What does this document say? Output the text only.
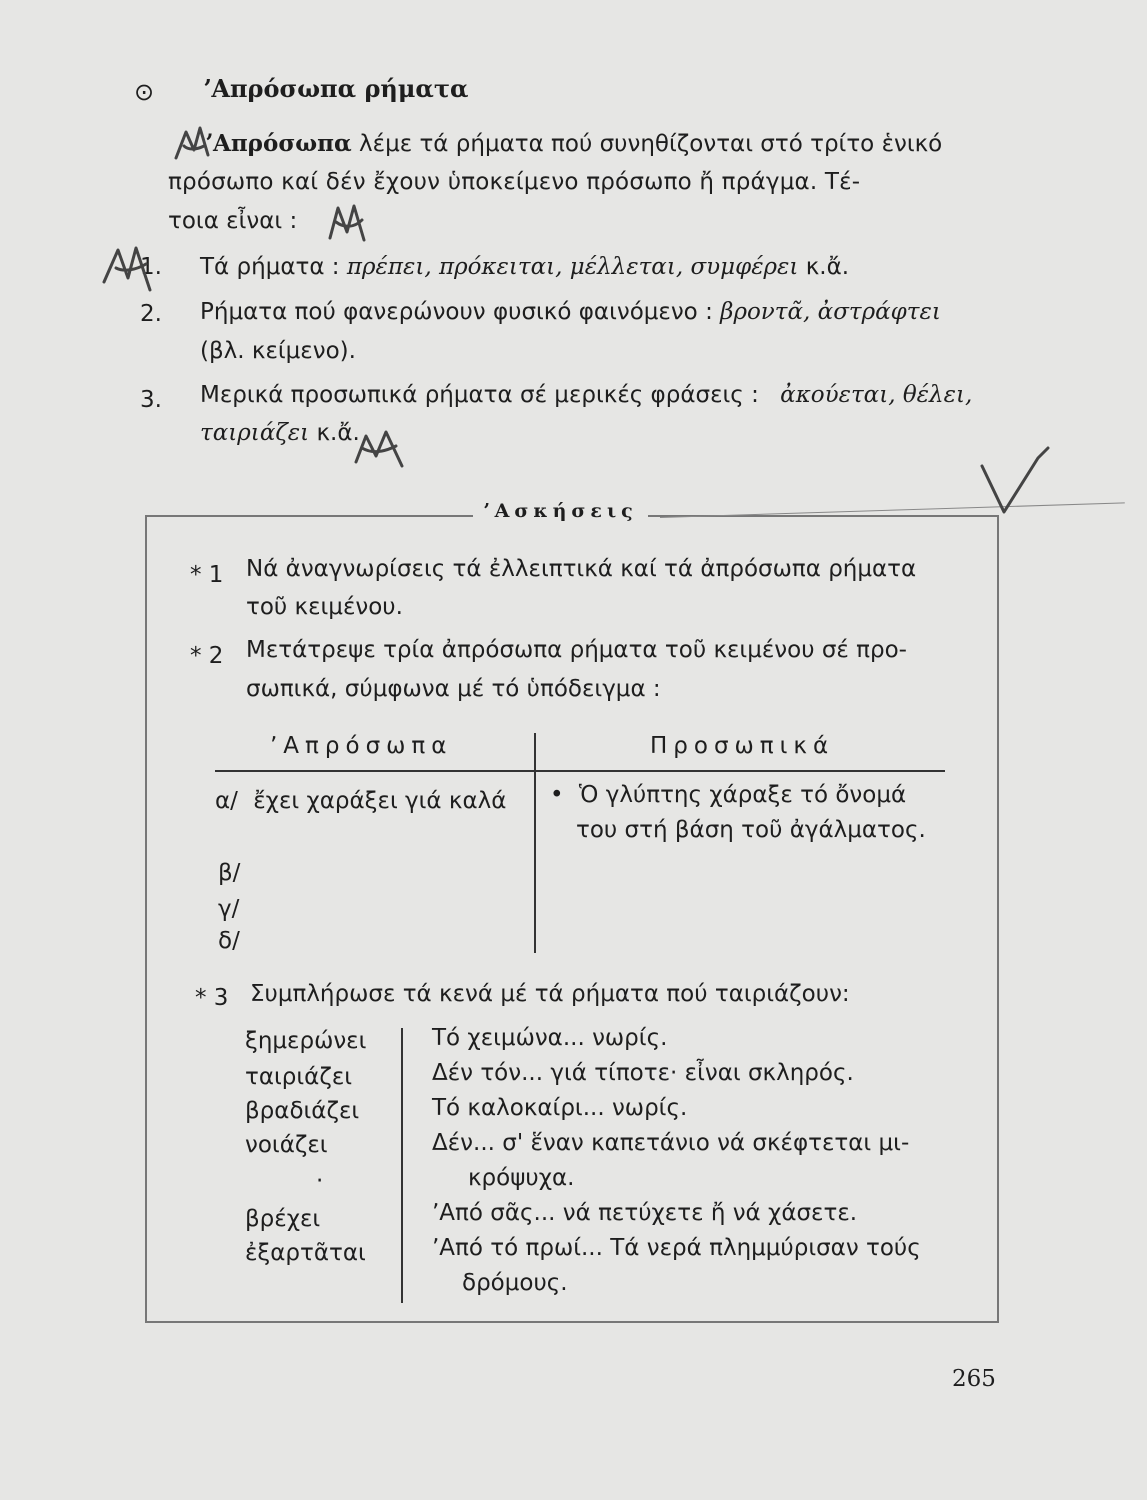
⊙ ʼΑπρόσωπα ρήματα
ʼΑπρόσωπα λέμε τά ρήματα πού συνηθίζονται στό τρίτο ἑνικό
πρόσωπο καί δέν ἔχουν ὑποκείμενο πρόσωπο ἤ πράγμα. Τέ-
τοια εἶναι :
1. Τά ρήματα : πρέπει, πρόκειται, μέλλεται, συμφέρει κ.ἄ.
2. Ρήματα πού φανερώνουν φυσικό φαινόμενο : βροντᾶ, ἀστράφτει
(βλ. κείμενο).
3. Μερικά προσωπικά ρήματα σέ μερικές φράσεις : ἀκούεται, θέλει,
ταιριάζει κ.ἄ.
ʼΑσκήσεις
* 1 Νά ἀναγνωρίσεις τά ἐλλειπτικά καί τά ἀπρόσωπα ρήματα
τοῦ κειμένου.
* 2 Μετάτρεψε τρία ἀπρόσωπα ρήματα τοῦ κειμένου σέ προ-
σωπικά, σύμφωνα μέ τό ὑπόδειγμα :
ʼΑπρόσωπα	Προσωπικά
α/ ἔχει χαράξει γιά καλά • Ὁ γλύπτης χάραξε τό ὄνομά
του στή βάση τοῦ ἀγάλματος.
β/
γ/
δ/
* 3 Συμπλήρωσε τά κενά μέ τά ρήματα πού ταιριάζουν:
ξημερώνει
ταιριάζει
βραδιάζει
νοιάζει
·
βρέχει
ἐξαρτᾶται
Τό χειμώνα... νωρίς.
Δέν τόν... γιά τίποτε· εἶναι σκληρός.
Τό καλοκαίρι... νωρίς.
Δέν... σ' ἕναν καπετάνιο νά σκέφτεται μι-
κρόψυχα.
ʼΑπό σᾶς... νά πετύχετε ἤ νά χάσετε.
ʼΑπό τό πρωί... Τά νερά πλημμύρισαν τούς
δρόμους.
265
